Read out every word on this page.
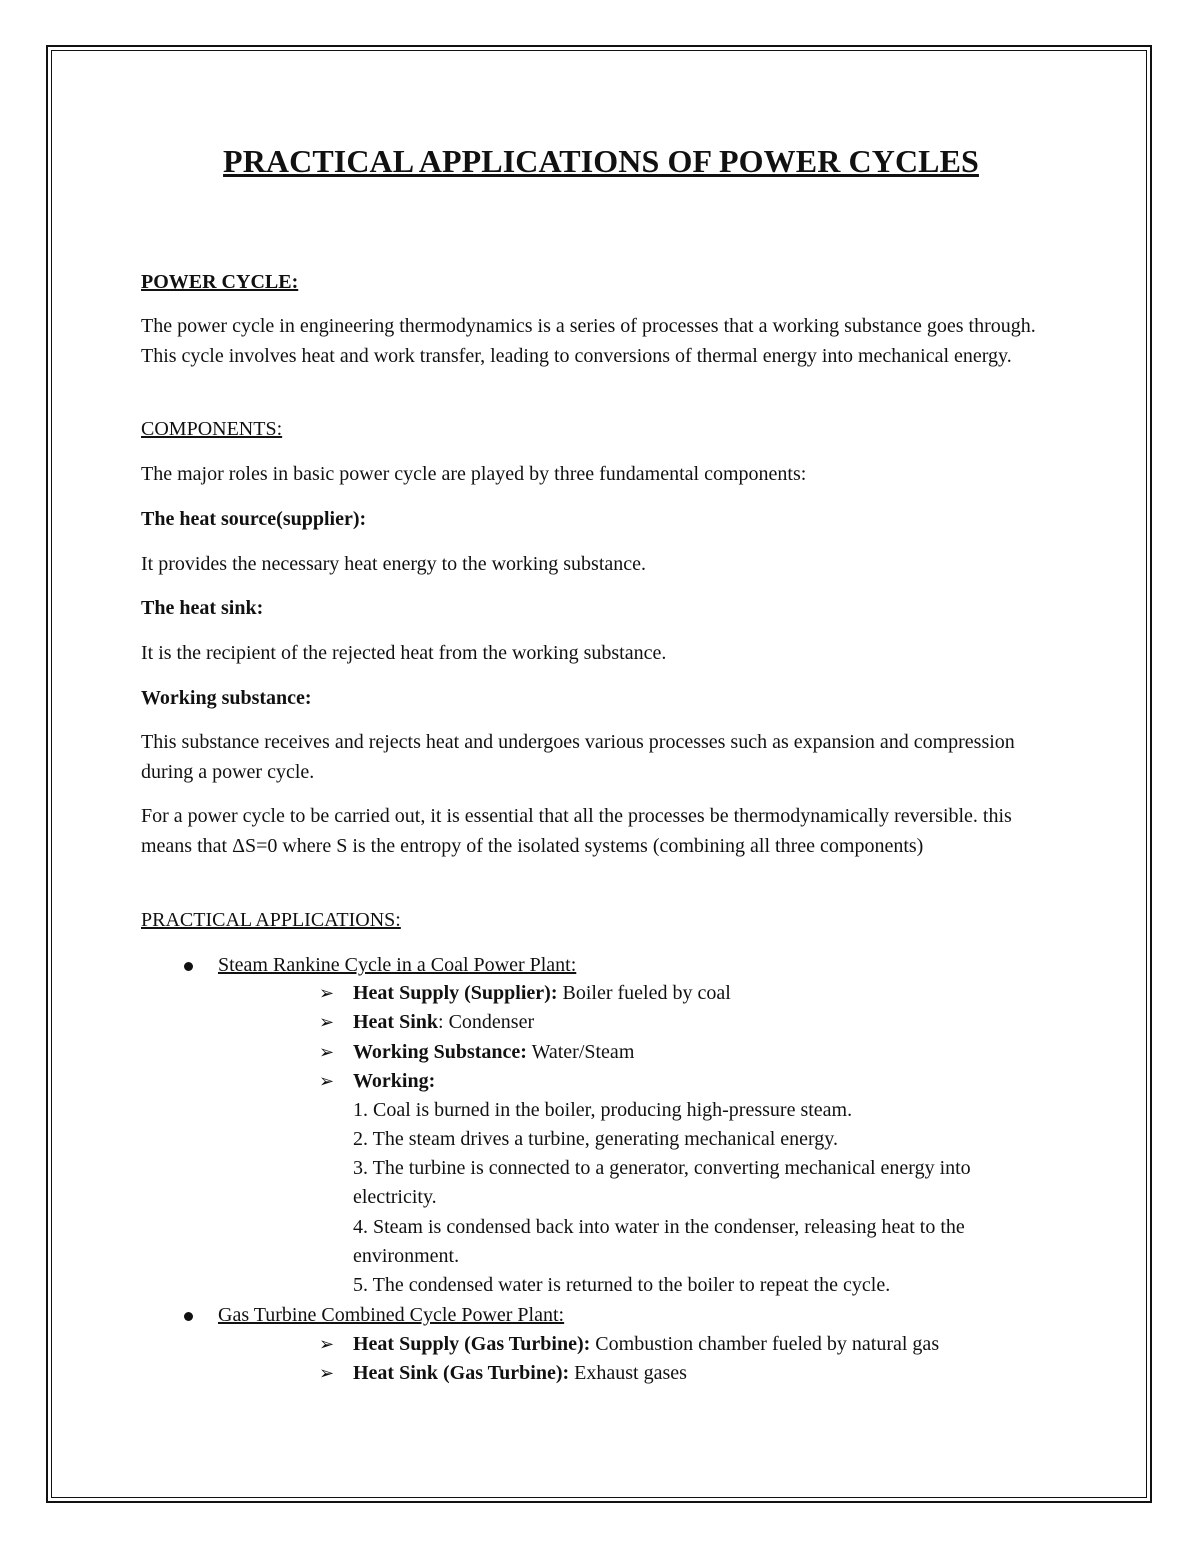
PRACTICAL APPLICATIONS OF POWER CYCLES

POWER CYCLE:

The power cycle in engineering thermodynamics is a series of processes that a working substance goes through. This cycle involves heat and work transfer, leading to conversions of thermal energy into mechanical energy.

COMPONENTS:

The major roles in basic power cycle are played by three fundamental components:

The heat source(supplier):

It provides the necessary heat energy to the working substance.

The heat sink:

It is the recipient of the rejected heat from the working substance.

Working substance:

This substance receives and rejects heat and undergoes various processes such as expansion and compression during a power cycle.

For a power cycle to be carried out, it is essential that all the processes be thermodynamically reversible. this means that ΔS=0 where S is the entropy of the isolated systems (combining all three components)

PRACTICAL APPLICATIONS:

Steam Rankine Cycle in a Coal Power Plant:
➢ Heat Supply (Supplier): Boiler fueled by coal
➢ Heat Sink: Condenser
➢ Working Substance: Water/Steam
➢ Working:
1. Coal is burned in the boiler, producing high-pressure steam.
2. The steam drives a turbine, generating mechanical energy.
3. The turbine is connected to a generator, converting mechanical energy into electricity.
4. Steam is condensed back into water in the condenser, releasing heat to the environment.
5. The condensed water is returned to the boiler to repeat the cycle.
Gas Turbine Combined Cycle Power Plant:
➢ Heat Supply (Gas Turbine): Combustion chamber fueled by natural gas
➢ Heat Sink (Gas Turbine): Exhaust gases
